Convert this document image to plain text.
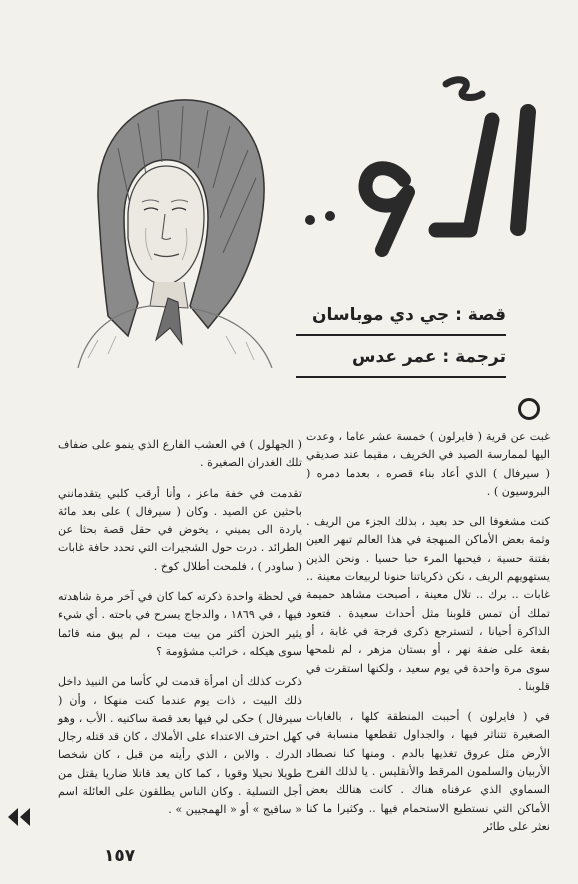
قصة : جي دي موباسان
ترجمة : عمر عدس

غبت عن قرية ( فايرلون ) خمسة عشر عاما ، وعدت اليها لممارسة الصيد في الخريف ، مقيما عند صديقي ( سيرفال ) الذي أعاد بناء قصره ، بعدما دمره ( البروسيون ) .

كنت مشغوفا الى حد بعيد ، بذلك الجزء من الريف . وثمة بعض الأماكن المبهجة في هذا العالم تبهر العين بفتنة حسية ، فيحبها المرء حبا حسيا . ونحن الذين يستهويهم الريف ، نكن ذكرياتنا حنونا لربيعات معينة .. غابات .. برك .. تلال معينة ، أصبحت مشاهد حميمة تملك أن تمس قلوبنا مثل أحداث سعيدة . فتعود الذاكرة أحيانا ، لتسترجع ذكرى فرجة في غابة ، أو بقعة على ضفة نهر ، أو بستان مزهر ، لم نلمحها سوى مرة واحدة في يوم سعيد ، ولكنها استقرت في قلوبنا .

في ( فايرلون ) أحببت المنطقة كلها ، بالغابات الصغيرة تتناثر فيها ، والجداول تقطعها منسابة في الأرض مثل عروق تغذيها بالدم . ومنها كنا نصطاد الأربيان والسلمون المرقط والأنقليس . يا لذلك الفرح السماوي الذي عرفناه هناك . كانت هنالك بعض الأماكن التي نستطيع الاستحمام فيها .. وكثيرا ما كنا نعثر على طائر

( الجهلول ) في العشب الفارع الذي ينمو على ضفاف تلك الغدران الصغيرة .

تقدمت في خفة ماعز ، وأنا أرقب كلبي يتقدمانني باحثين عن الصيد . وكان ( سيرفال ) على بعد مائة ياردة الى يميني ، يخوض في حقل قصة بحثا عن الطرائد . درت حول الشجيرات التي تحدد حافة غابات ( ساودر ) ، فلمحت أطلال كوخ .

في لحظة واحدة ذكرته كما كان في آخر مرة شاهدته فيها ، في ١٨٦٩ ، والدجاج يسرح في باحته . أي شيء يثير الحزن أكثر من بيت ميت ، لم يبق منه قائما سوى هيكله ، خرائب مشؤومة ؟

ذكرت كذلك أن امرأة قدمت لي كأسا من النبيذ داخل ذلك البيت ، ذات يوم عندما كنت منهكا ، وأن ( سيرفال ) حكى لي فيها بعد قصة ساكنيه . الأب ، وهو كهل احترف الاعتداء على الأملاك ، كان قد قتله رجال الدرك . والابن ، الذي رأيته من قبل ، كان شخصا طويلا نحيلا وقويا ، كما كان يعد قاتلا ضاريا يقتل من أجل التسلية . وكان الناس يطلقون على العائلة اسم « سافيج » أو « الهمجيين » .

١٥٧
